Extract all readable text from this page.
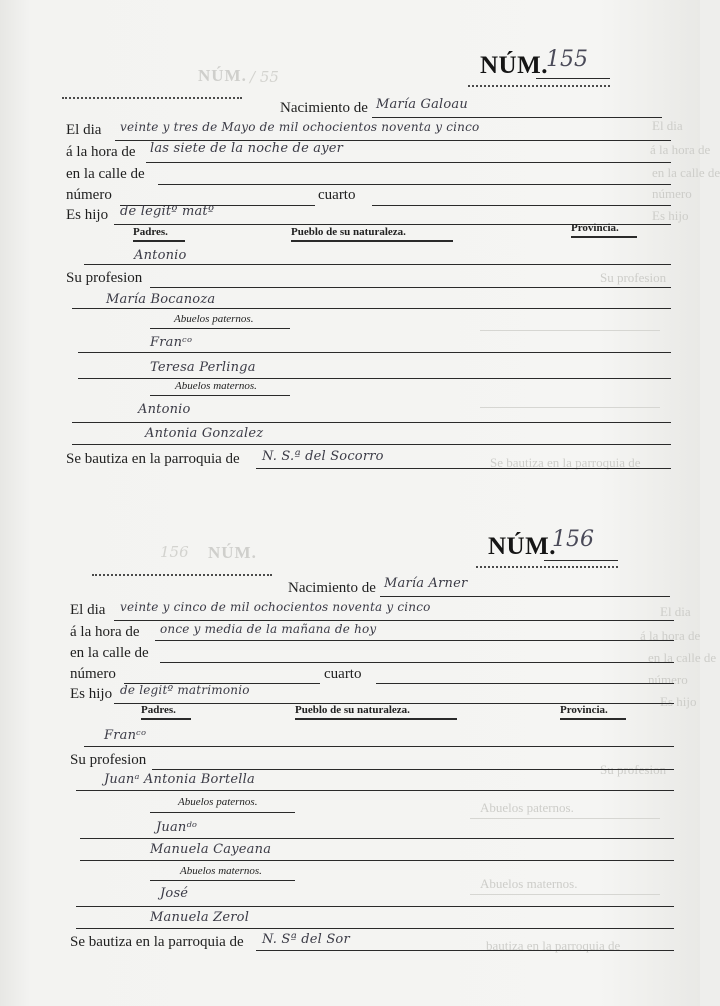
NÚM. / 55
NÚM.
156
El dia
á la hora de
en la calle de
número
Es hijo
Su profesion
Se bautiza en la parroquia de
El dia
á la hora de
en la calle de
número
Es hijo
Su profesion
Abuelos paternos.
Abuelos maternos.
bautiza en la parroquia de
NÚM.
155
Nacimiento de María Galoau
El dia veinte y tres de Mayo de mil ochocientos noventa y cinco
á la hora de las siete de la noche de ayer
en la calle de
número	cuarto
Es hijo de legitº matº
Padres.	Pueblo de su naturaleza.	Provincia.
Antonio
Su profesion
María Bocanoza
Abuelos paternos.
Franᶜᵒ
Teresa Perlinga
Abuelos maternos.
Antonio
Antonia Gonzalez
Se bautiza en la parroquia de N. S.ª del Socorro
NÚM.
156
Nacimiento de María Arner
El dia veinte y cinco de mil ochocientos noventa y cinco
á la hora de once y media de la mañana de hoy
en la calle de
número	cuarto
Es hijo de legitº matrimonio
Padres.	Pueblo de su naturaleza.	Provincia.
Franᶜᵒ
Su profesion
Juanᵃ Antonia Bortella
Abuelos paternos.
Juanᵈᵒ
Manuela Cayeana
Abuelos maternos.
José
Manuela Zerol
Se bautiza en la parroquia de N. Sª del Sor
